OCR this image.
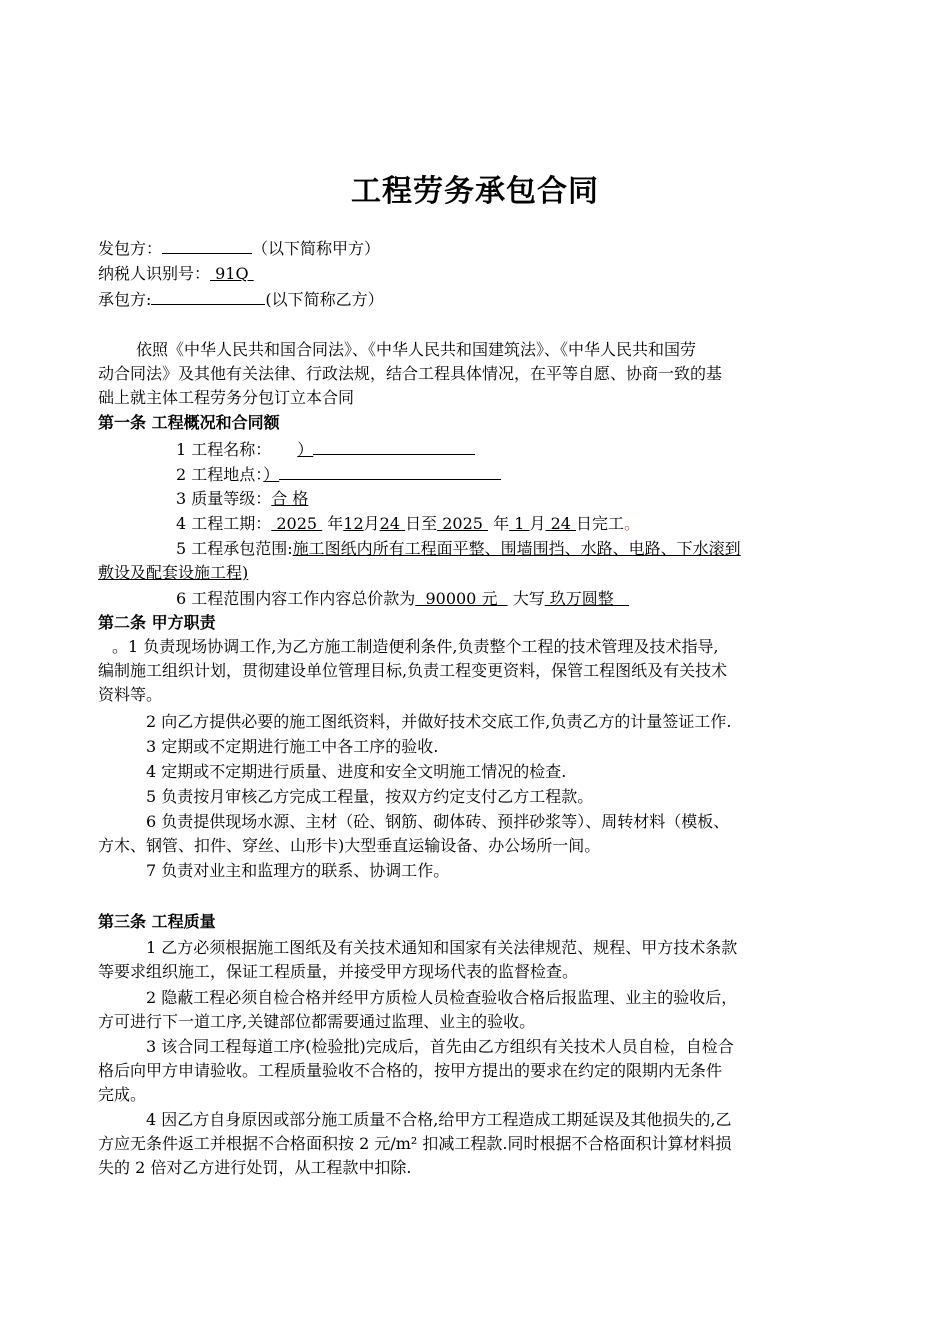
工程劳务承包合同
发包方：	（以下简称甲方）
纳税人识别号： 91Q
承包方:	(以下简称乙方）
依照《中华人民共和国合同法》、《中华人民共和国建筑法》、《中华人民共和国劳
动合同法》及其他有关法律、行政法规，结合工程具体情况，在平等自愿、协商一致的基
础上就主体工程劳务分包订立本合同
第一条 工程概况和合同额
1 工程名称： ）
2 工程地点：）
3 质量等级：合 格
4 工程工期： 2025  年12月24 日至 2025  年 1 月 24 日完工。
5 工程承包范围:施工图纸内所有工程面平整、围墙围挡、水路、电路、下水滚到
敷设及配套设施工程)
6 工程范围内容工作内容总价款为  90000 元   大写 玖万圆整
第二条 甲方职责
。1 负责现场协调工作,为乙方施工制造便利条件,负责整个工程的技术管理及技术指导,
编制施工组织计划，贯彻建设单位管理目标,负责工程变更资料，保管工程图纸及有关技术
资料等。
2 向乙方提供必要的施工图纸资料，并做好技术交底工作,负责乙方的计量签证工作.
3 定期或不定期进行施工中各工序的验收.
4 定期或不定期进行质量、进度和安全文明施工情况的检查.
5 负责按月审核乙方完成工程量，按双方约定支付乙方工程款。
6 负责提供现场水源、主材（砼、钢筋、砌体砖、预拌砂浆等）、周转材料（模板、
方木、钢管、扣件、穿丝、山形卡)大型垂直运输设备、办公场所一间。
7 负责对业主和监理方的联系、协调工作。
第三条 工程质量
1 乙方必须根据施工图纸及有关技术通知和国家有关法律规范、规程、甲方技术条款
等要求组织施工，保证工程质量，并接受甲方现场代表的监督检查。
2 隐蔽工程必须自检合格并经甲方质检人员检查验收合格后报监理、业主的验收后，
方可进行下一道工序,关键部位都需要通过监理、业主的验收。
3 该合同工程每道工序(检验批)完成后，首先由乙方组织有关技术人员自检，自检合
格后向甲方申请验收。工程质量验收不合格的，按甲方提出的要求在约定的限期内无条件
完成。
4 因乙方自身原因或部分施工质量不合格,给甲方工程造成工期延误及其他损失的,乙
方应无条件返工并根据不合格面积按 2 元/m² 扣减工程款.同时根据不合格面积计算材料损
失的 2 倍对乙方进行处罚，从工程款中扣除.
